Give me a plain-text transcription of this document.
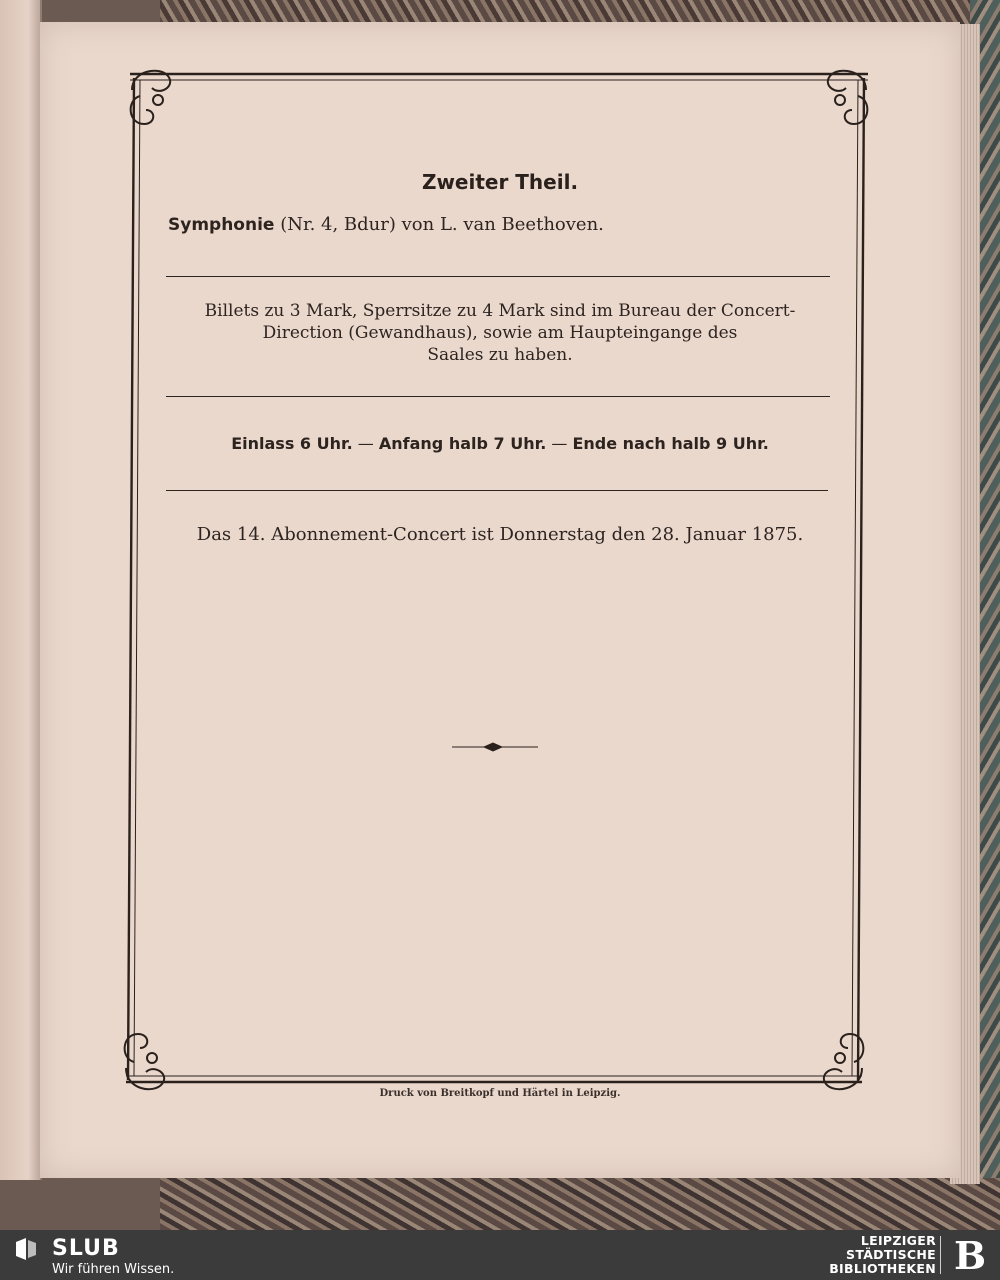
Zweiter Theil.
Symphonie (Nr. 4, Bdur) von L. van Beethoven.
Billets zu 3 Mark, Sperrsitze zu 4 Mark sind im Bureau der Concert-
Direction (Gewandhaus), sowie am Haupteingange des
Saales zu haben.
Einlass 6 Uhr. — Anfang halb 7 Uhr. — Ende nach halb 9 Uhr.
Das 14. Abonnement-Concert ist Donnerstag den 28. Januar 1875.
Druck von Breitkopf und Härtel in Leipzig.
SLUB
Wir führen Wissen.
LEIPZIGER
STÄDTISCHE
BIBLIOTHEKEN B
